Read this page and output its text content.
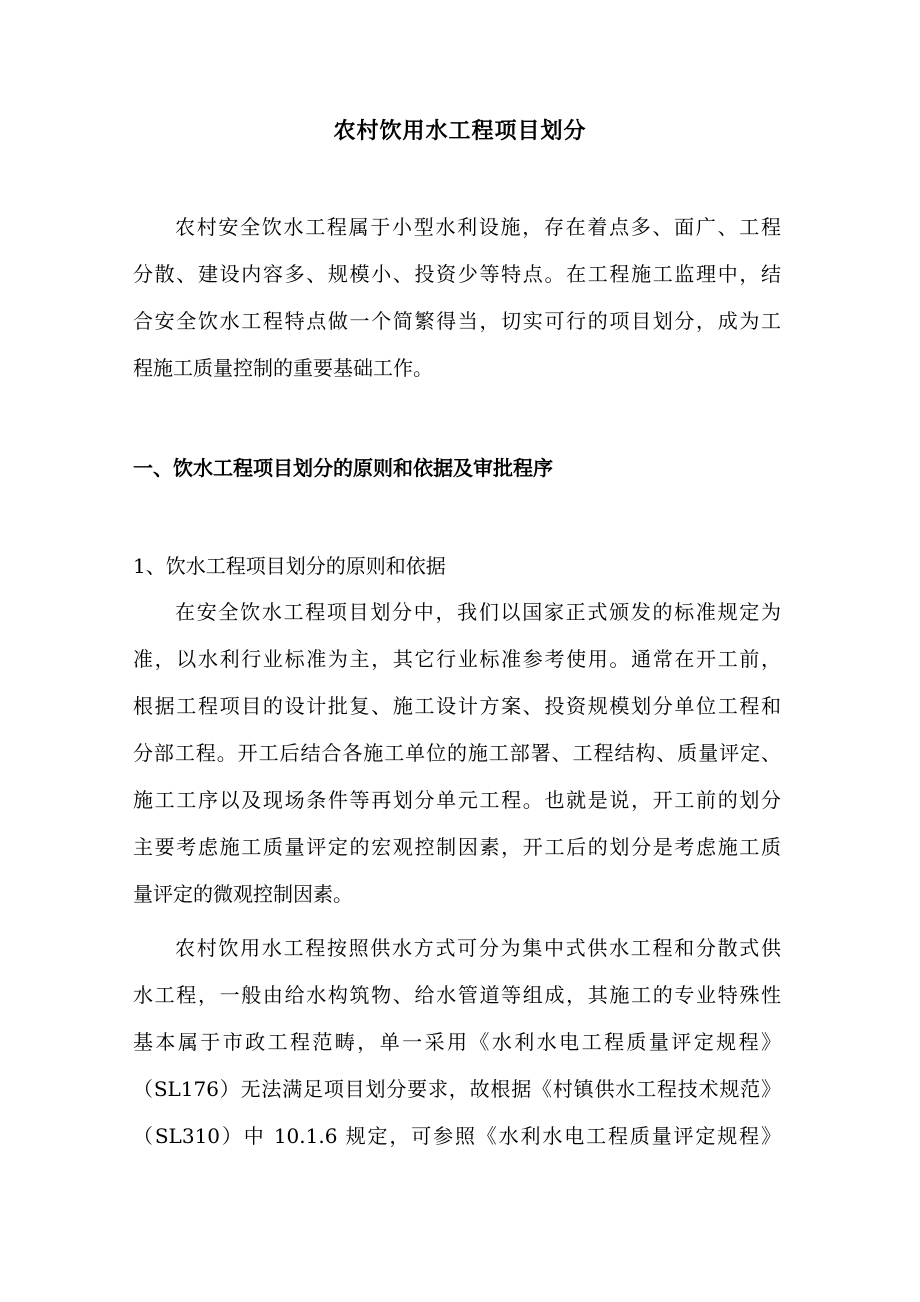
农村饮用水工程项目划分
农村安全饮水工程属于小型水利设施，存在着点多、面广、工程
分散、建设内容多、规模小、投资少等特点。在工程施工监理中，结
合安全饮水工程特点做一个简繁得当，切实可行的项目划分，成为工
程施工质量控制的重要基础工作。
一、饮水工程项目划分的原则和依据及审批程序
1、饮水工程项目划分的原则和依据
在安全饮水工程项目划分中，我们以国家正式颁发的标准规定为
准，以水利行业标准为主，其它行业标准参考使用。通常在开工前，
根据工程项目的设计批复、施工设计方案、投资规模划分单位工程和
分部工程。开工后结合各施工单位的施工部署、工程结构、质量评定、
施工工序以及现场条件等再划分单元工程。也就是说，开工前的划分
主要考虑施工质量评定的宏观控制因素，开工后的划分是考虑施工质
量评定的微观控制因素。
农村饮用水工程按照供水方式可分为集中式供水工程和分散式供
水工程，一般由给水构筑物、给水管道等组成，其施工的专业特殊性
基本属于市政工程范畴，单一采用《水利水电工程质量评定规程》
（SL176）无法满足项目划分要求，故根据《村镇供水工程技术规范》
（SL310）中 10.1.6 规定，可参照《水利水电工程质量评定规程》
